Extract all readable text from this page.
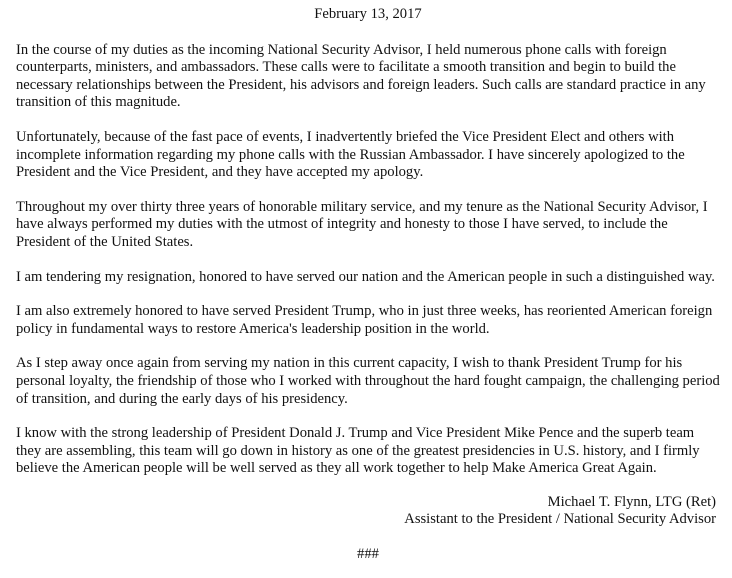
February 13, 2017

In the course of my duties as the incoming National Security Advisor, I held numerous phone calls with foreign counterparts, ministers, and ambassadors. These calls were to facilitate a smooth transition and begin to build the necessary relationships between the President, his advisors and foreign leaders. Such calls are standard practice in any transition of this magnitude.

Unfortunately, because of the fast pace of events, I inadvertently briefed the Vice President Elect and others with incomplete information regarding my phone calls with the Russian Ambassador. I have sincerely apologized to the President and the Vice President, and they have accepted my apology.

Throughout my over thirty three years of honorable military service, and my tenure as the National Security Advisor, I have always performed my duties with the utmost of integrity and honesty to those I have served, to include the President of the United States.

I am tendering my resignation, honored to have served our nation and the American people in such a distinguished way.

I am also extremely honored to have served President Trump, who in just three weeks, has reoriented American foreign policy in fundamental ways to restore America's leadership position in the world.

As I step away once again from serving my nation in this current capacity, I wish to thank President Trump for his personal loyalty, the friendship of those who I worked with throughout the hard fought campaign, the challenging period of transition, and during the early days of his presidency.

I know with the strong leadership of President Donald J. Trump and Vice President Mike Pence and the superb team they are assembling, this team will go down in history as one of the greatest presidencies in U.S. history, and I firmly believe the American people will be well served as they all work together to help Make America Great Again.

Michael T. Flynn, LTG (Ret)
Assistant to the President / National Security Advisor
###
